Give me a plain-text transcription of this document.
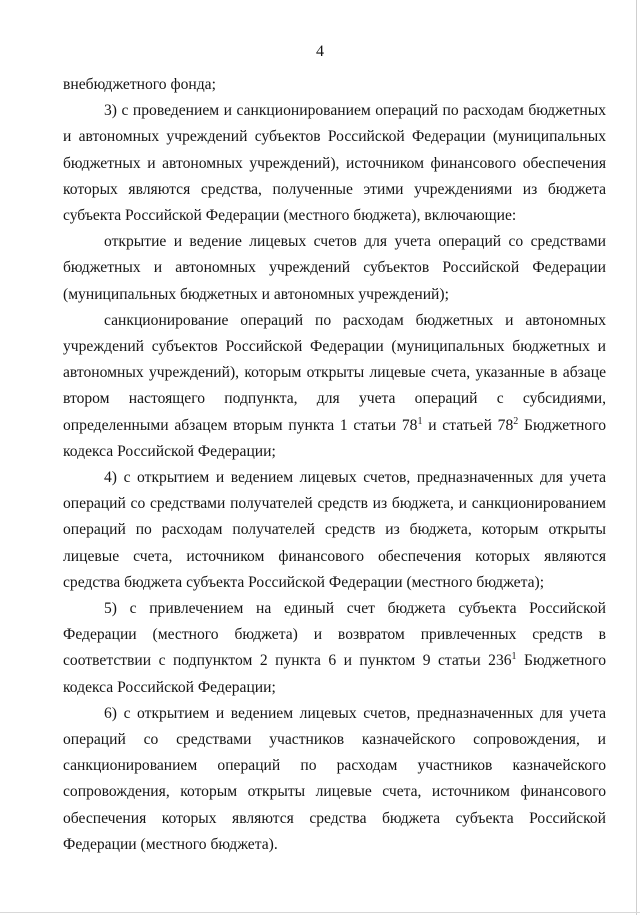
4

внебюджетного фонда;

3) с проведением и санкционированием операций по расходам бюджетных и автономных учреждений субъектов Российской Федерации (муниципальных бюджетных и автономных учреждений), источником финансового обеспечения которых являются средства, полученные этими учреждениями из бюджета субъекта Российской Федерации (местного бюджета), включающие:

открытие и ведение лицевых счетов для учета операций со средствами бюджетных и автономных учреждений субъектов Российской Федерации (муниципальных бюджетных и автономных учреждений);

санкционирование операций по расходам бюджетных и автономных учреждений субъектов Российской Федерации (муниципальных бюджетных и автономных учреждений), которым открыты лицевые счета, указанные в абзаце втором настоящего подпункта, для учета операций с субсидиями, определенными абзацем вторым пункта 1 статьи $78^1$ и статьей $78^2$ Бюджетного кодекса Российской Федерации;

4) с открытием и ведением лицевых счетов, предназначенных для учета операций со средствами получателей средств из бюджета, и санкционированием операций по расходам получателей средств из бюджета, которым открыты лицевые счета, источником финансового обеспечения которых являются средства бюджета субъекта Российской Федерации (местного бюджета);

5) с привлечением на единый счет бюджета субъекта Российской Федерации (местного бюджета) и возвратом привлеченных средств в соответствии с подпунктом 2 пункта 6 и пунктом 9 статьи $236^1$ Бюджетного кодекса Российской Федерации;

6) с открытием и ведением лицевых счетов, предназначенных для учета операций со средствами участников казначейского сопровождения, и санкционированием операций по расходам участников казначейского сопровождения, которым открыты лицевые счета, источником финансового обеспечения которых являются средства бюджета субъекта Российской Федерации (местного бюджета).
